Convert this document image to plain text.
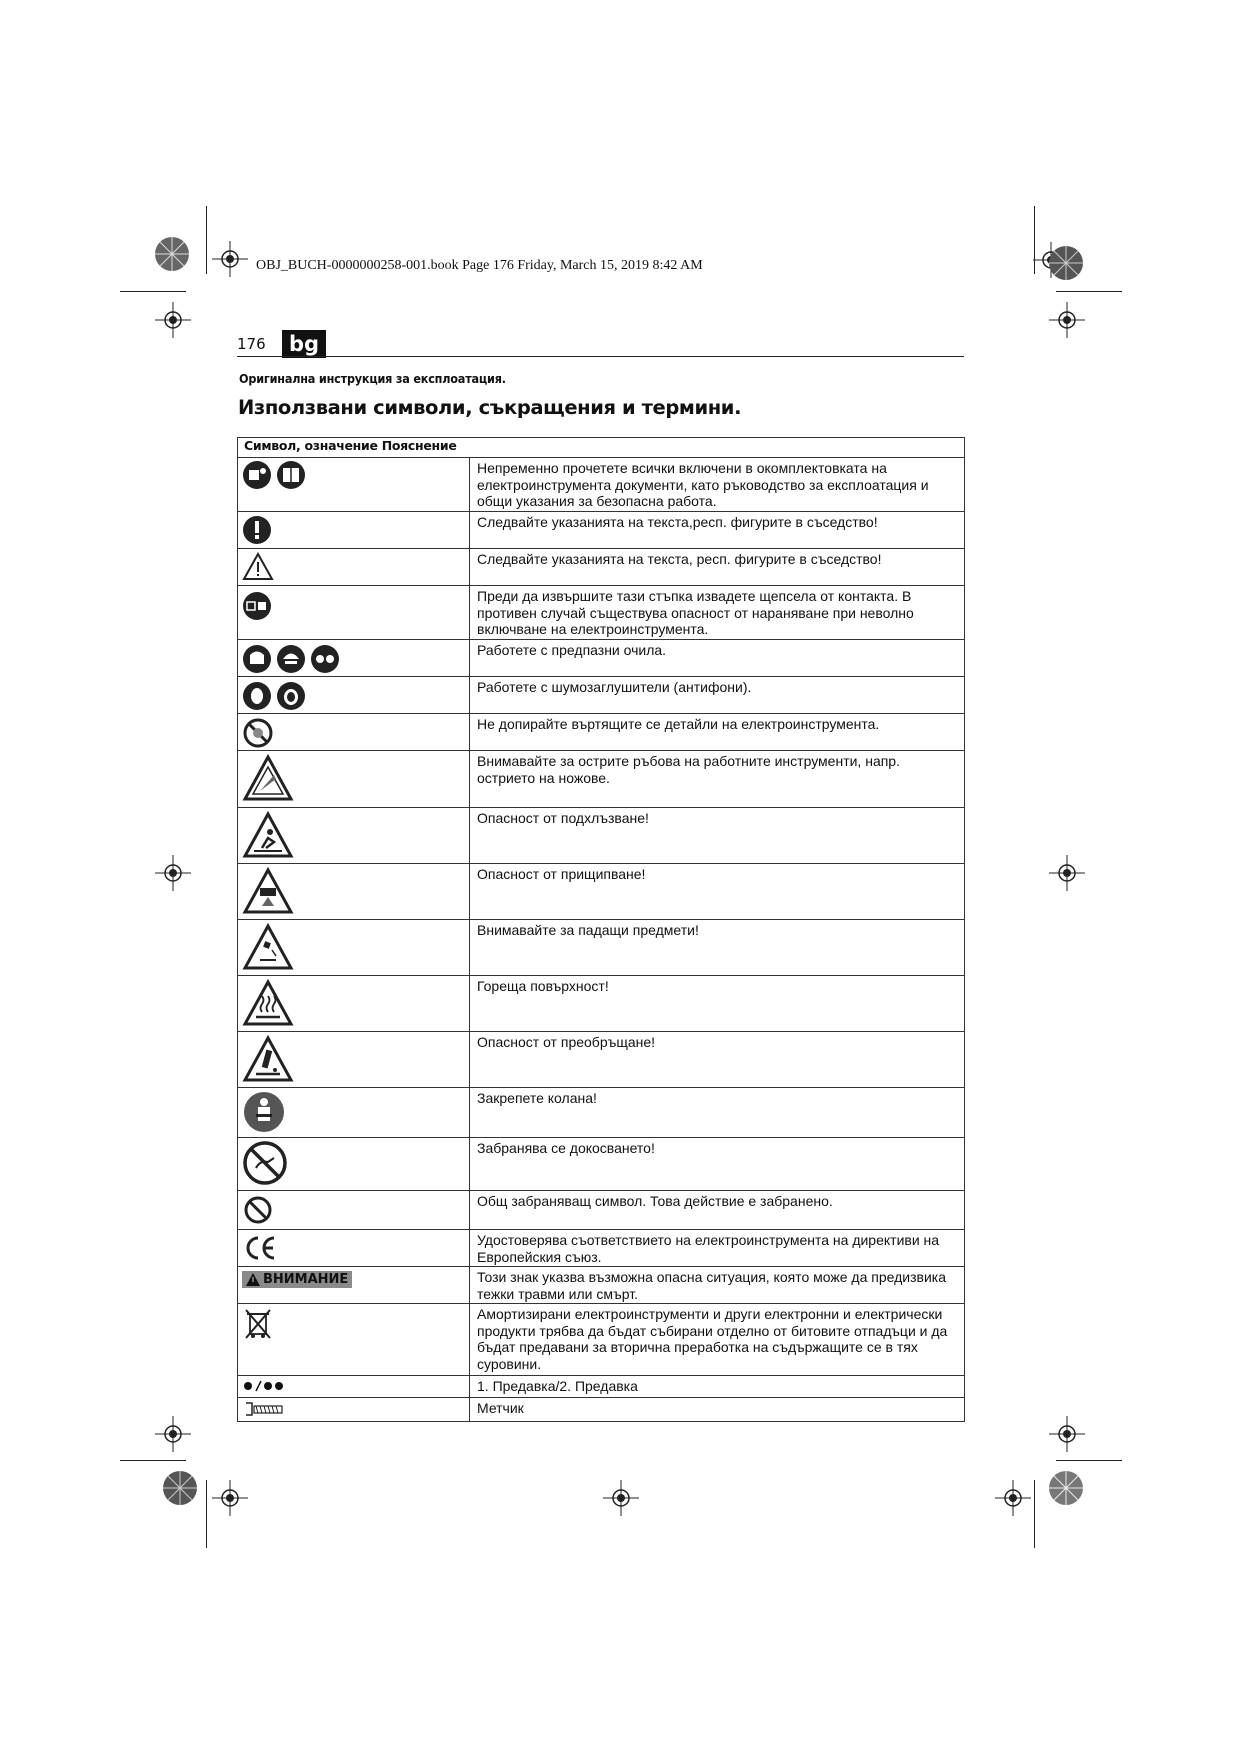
OBJ_BUCH-0000000258-001.book Page 176 Friday, March 15, 2019 8:42 AM
176	bg
Оригинална инструкция за експлоатация.
Използвани символи, съкращения и термини.
Символ, означение Пояснение	

Непременно прочетете всички включени в окомплектовката на електроинструмента документи, като ръководство за експлоатация и общи указания за безопасна работа.

Следвайте указанията на текста,респ. фигурите в съседство!

Следвайте указанията на текста, респ. фигурите в съседство!

Преди да извършите тази стъпка извадете щепсела от контакта. В противен случай съществува опасност от нараняване при неволно включване на електроинструмента.

Работете с предпазни очила.

Работете с шумозаглушители (антифони).

Не допирайте въртящите се детайли на електроинструмента.

Внимавайте за острите ръбова на работните инструменти, напр. острието на ножове.

Опасност от подхлъзване!

Опасност от прищипване!

Внимавайте за падащи предмети!

Гореща повърхност!

Опасност от преобръщане!

Закрепете колана!

Забранява се докосването!

Общ забраняващ символ. Това действие е забранено.

Удостоверява съответствието на електроинструмента на директиви на Европейския съюз.

ВНИМАНИЕ	Този знак указва възможна опасна ситуация, която може да предизвика тежки травми или смърт.

Амортизирани електроинструменти и други електронни и електрически продукти трябва да бъдат събирани отделно от битовите отпадъци и да бъдат предавани за вторична преработка на съдържащите се в тях суровини.

1. Предавка/2. Предавка

Метчик
